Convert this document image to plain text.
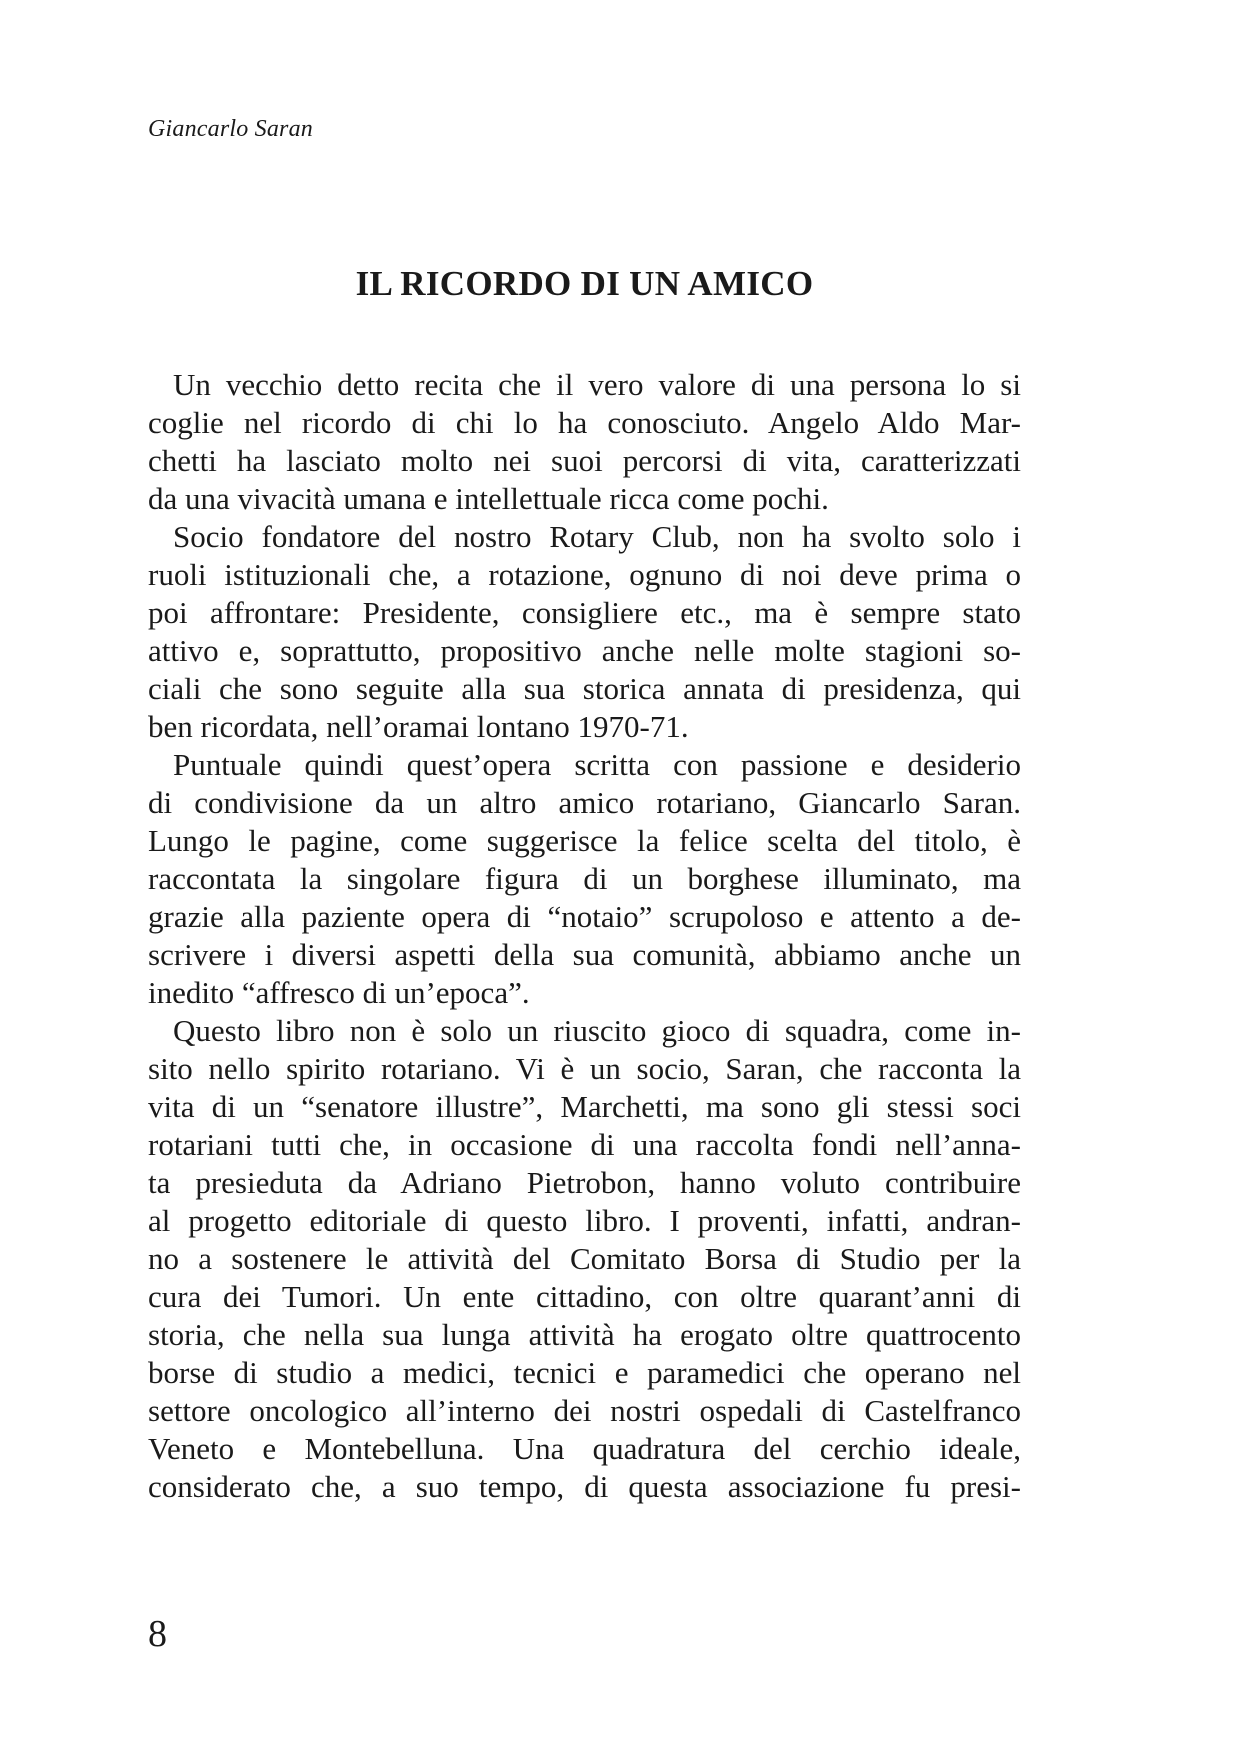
Giancarlo Saran
IL RICORDO DI UN AMICO
Un vecchio detto recita che il vero valore di una persona lo si
coglie nel ricordo di chi lo ha conosciuto. Angelo Aldo Mar-
chetti ha lasciato molto nei suoi percorsi di vita, caratterizzati
da una vivacità umana e intellettuale ricca come pochi.
Socio fondatore del nostro Rotary Club, non ha svolto solo i
ruoli istituzionali che, a rotazione, ognuno di noi deve prima o
poi affrontare: Presidente, consigliere etc., ma è sempre stato
attivo e, soprattutto, propositivo anche nelle molte stagioni so-
ciali che sono seguite alla sua storica annata di presidenza, qui
ben ricordata, nell’oramai lontano 1970-71.
Puntuale quindi quest’opera scritta con passione e desiderio
di condivisione da un altro amico rotariano, Giancarlo Saran.
Lungo le pagine, come suggerisce la felice scelta del titolo, è
raccontata la singolare figura di un borghese illuminato, ma
grazie alla paziente opera di “notaio” scrupoloso e attento a de-
scrivere i diversi aspetti della sua comunità, abbiamo anche un
inedito “affresco di un’epoca”.
Questo libro non è solo un riuscito gioco di squadra, come in-
sito nello spirito rotariano. Vi è un socio, Saran, che racconta la
vita di un “senatore illustre”, Marchetti, ma sono gli stessi soci
rotariani tutti che, in occasione di una raccolta fondi nell’anna-
ta presieduta da Adriano Pietrobon, hanno voluto contribuire
al progetto editoriale di questo libro. I proventi, infatti, andran-
no a sostenere le attività del Comitato Borsa di Studio per la
cura dei Tumori. Un ente cittadino, con oltre quarant’anni di
storia, che nella sua lunga attività ha erogato oltre quattrocento
borse di studio a medici, tecnici e paramedici che operano nel
settore oncologico all’interno dei nostri ospedali di Castelfranco
Veneto e Montebelluna. Una quadratura del cerchio ideale,
considerato che, a suo tempo, di questa associazione fu presi-
8
